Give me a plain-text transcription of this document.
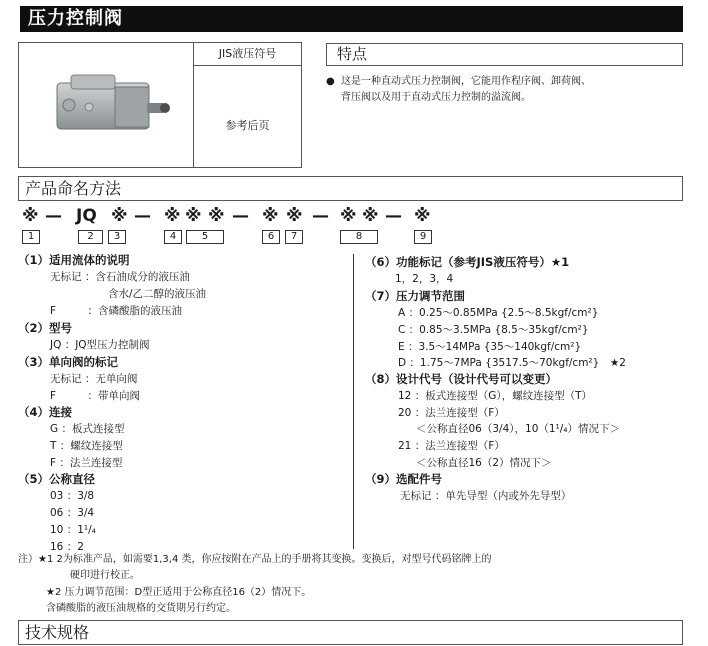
压力控制阀
JIS液压符号
参考后页
特点
● 这是一种直动式压力控制阀，它能用作程序阀、卸荷阀、
背压阀以及用于直动式压力控制的溢流阀。
产品命名方法
※ — JQ ※ — ※ ※ ※ — ※ ※ — ※ ※ — ※
1	2	3	4	5	6	7	8	9
（1）适用流体的说明
无标记 ：含石油成分的液压油
含水/乙二醇的液压油
F　　　：含磷酸脂的液压油
（2）型号
JQ ：JQ型压力控制阀
（3）单向阀的标记
无标记 ：无单向阀
F　　　：带单向阀
（4）连接
G ：板式连接型
T ：螺纹连接型
F ：法兰连接型
（5）公称直径
03 ：3/8
06 ：3/4
10 ：1¹/₄
16 ：2
（6）功能标记（参考JIS液压符号）★1
1，2，3，4
（7）压力调节范围
A ：0.25～0.85MPa {2.5～8.5kgf/cm²}
C ：0.85～3.5MPa {8.5～35kgf/cm²}
E ：3.5～14MPa {35～140kgf/cm²}
D ：1.75～7MPa {3517.5～70kgf/cm²}　★2
（8）设计代号（设计代号可以变更）
12 ：板式连接型（G），螺纹连接型（T）
20 ：法兰连接型（F）
＜公称直径06（3/4），10（1¹/₄）情况下＞
21 ：法兰连接型（F）
＜公称直径16（2）情况下＞
（9）选配件号
无标记 ：单先导型（内或外先导型）
注）★1 2为标准产品，如需要1,3,4 类，你应按附在产品上的手册将其变换。变换后，对型号代码铭牌上的
硬印进行校正。
★2 压力调节范围：D型正适用于公称直径16（2）情况下。
含磷酸脂的液压油规格的交货期另行约定。
技术规格
